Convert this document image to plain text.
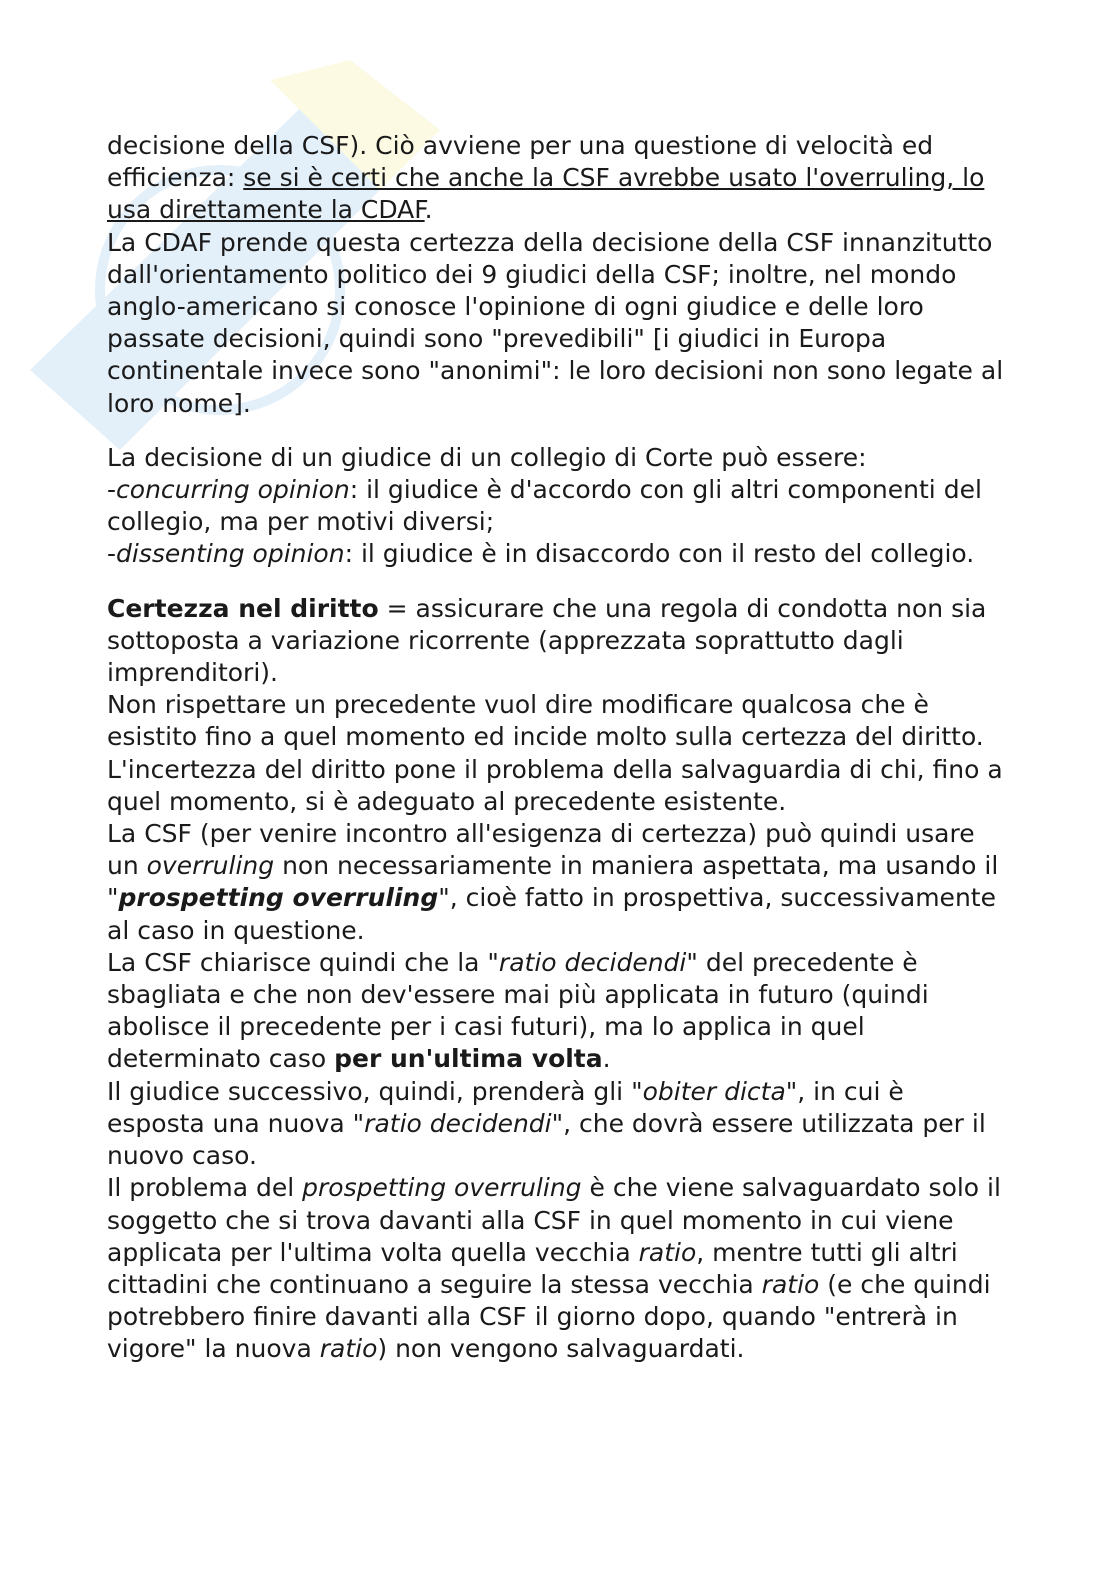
decisione della CSF). Ciò avviene per una questione di velocità ed efficienza: se si è certi che anche la CSF avrebbe usato l'overruling, lo usa direttamente la CDAF.

La CDAF prende questa certezza della decisione della CSF innanzitutto dall'orientamento politico dei 9 giudici della CSF; inoltre, nel mondo anglo-americano si conosce l'opinione di ogni giudice e delle loro passate decisioni, quindi sono "prevedibili" [i giudici in Europa continentale invece sono "anonimi": le loro decisioni non sono legate al loro nome].

La decisione di un giudice di un collegio di Corte può essere:

-concurring opinion: il giudice è d'accordo con gli altri componenti del collegio, ma per motivi diversi;

-dissenting opinion: il giudice è in disaccordo con il resto del collegio.

Certezza nel diritto = assicurare che una regola di condotta non sia sottoposta a variazione ricorrente (apprezzata soprattutto dagli imprenditori).

Non rispettare un precedente vuol dire modificare qualcosa che è esistito fino a quel momento ed incide molto sulla certezza del diritto.

L'incertezza del diritto pone il problema della salvaguardia di chi, fino a quel momento, si è adeguato al precedente esistente.

La CSF (per venire incontro all'esigenza di certezza) può quindi usare un overruling non necessariamente in maniera aspettata, ma usando il "prospetting overruling", cioè fatto in prospettiva, successivamente al caso in questione.

La CSF chiarisce quindi che la "ratio decidendi" del precedente è sbagliata e che non dev'essere mai più applicata in futuro (quindi abolisce il precedente per i casi futuri), ma lo applica in quel determinato caso per un'ultima volta.

Il giudice successivo, quindi, prenderà gli "obiter dicta", in cui è esposta una nuova "ratio decidendi", che dovrà essere utilizzata per il nuovo caso.

Il problema del prospetting overruling è che viene salvaguardato solo il soggetto che si trova davanti alla CSF in quel momento in cui viene applicata per l'ultima volta quella vecchia ratio, mentre tutti gli altri cittadini che continuano a seguire la stessa vecchia ratio (e che quindi potrebbero finire davanti alla CSF il giorno dopo, quando "entrerà in vigore" la nuova ratio) non vengono salvaguardati.
